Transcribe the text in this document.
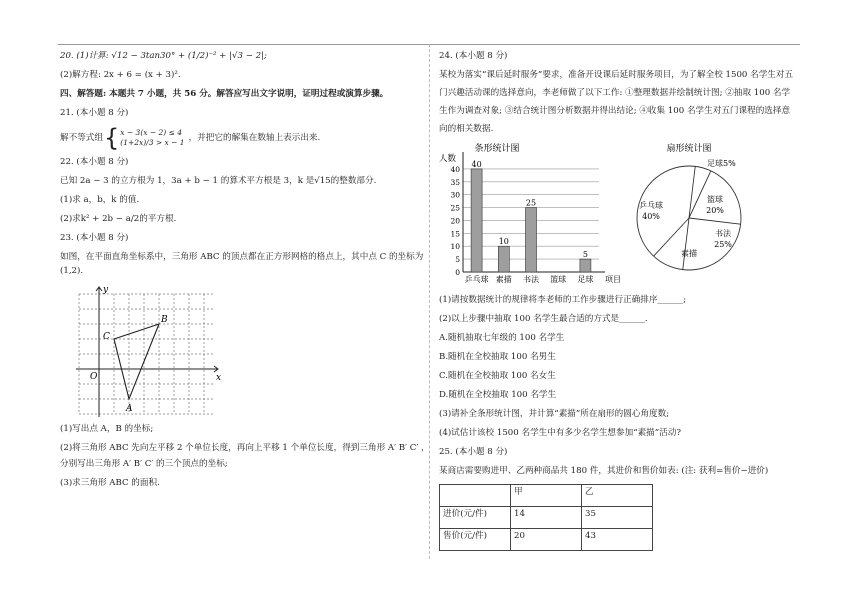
20. (1)计算: √12 − 3tan30° + (1/2)⁻² + |√3 − 2|;

(2)解方程: 2x + 6 = (x + 3)².

四、解答题: 本题共 7 小题，共 56 分。解答应写出文字说明，证明过程或演算步骤。

21. (本小题 8 分)

解不等式组 { x − 3(x − 2) ≤ 4
(1+2x)/3 > x − 1 ，并把它的解集在数轴上表示出来.

22. (本小题 8 分)

已知 2a − 3 的立方根为 1，3a + b − 1 的算术平方根是 3，k 是√15的整数部分.

(1)求 a，b，k 的值.

(2)求k² + 2b − a/2的平方根.

23. (本小题 8 分)

如图，在平面直角坐标系中，三角形 ABC 的顶点都在正方形网格的格点上，其中点 C 的坐标为

(1,2).

x
y
O
A
B
C

(1)写出点 A，B 的坐标;

(2)将三角形 ABC 先向左平移 2 个单位长度，再向上平移 1 个单位长度，得到三角形 A′ B′ C′ ，

分别写出三角形 A′ B′ C′ 的三个顶点的坐标;

(3)求三角形 ABC 的面积.

24. (本小题 8 分)

某校为落实“课后延时服务”要求，准备开设课后延时服务项目，为了解全校 1500 名学生对五

门兴趣活动课的选择意向，李老师做了以下工作: ①整理数据并绘制统计图; ②抽取 100 名学

生作为调查对象; ③结合统计图分析数据并得出结论; ④收集 100 名学生对五门课程的选择意

向的相关数据.

条形统计图
人数
0
5
10
15
20
25
30
35
40
40
乒乓球
10
素描
25
书法 篮球
5
足球 项目
扇形统计图
足球5%
篮球
20%
书法
25%
素描
乒乓球
40%

(1)请按数据统计的规律将李老师的工作步骤进行正确排序______;

(2)以上步骤中抽取 100 名学生最合适的方式是______.

A.随机抽取七年级的 100 名学生

B.随机在全校抽取 100 名男生

C.随机在全校抽取 100 名女生

D.随机在全校抽取 100 名学生

(3)请补全条形统计图，并计算“素描”所在扇形的圆心角度数;

(4)试估计该校 1500 名学生中有多少名学生想参加“素描”活动?

25. (本小题 8 分)

某商店需要购进甲、乙两种商品共 180 件，其进价和售价如表: (注: 获利=售价−进价)

	甲	乙
进价(元/件)	14	35
售价(元/件)	20	43
